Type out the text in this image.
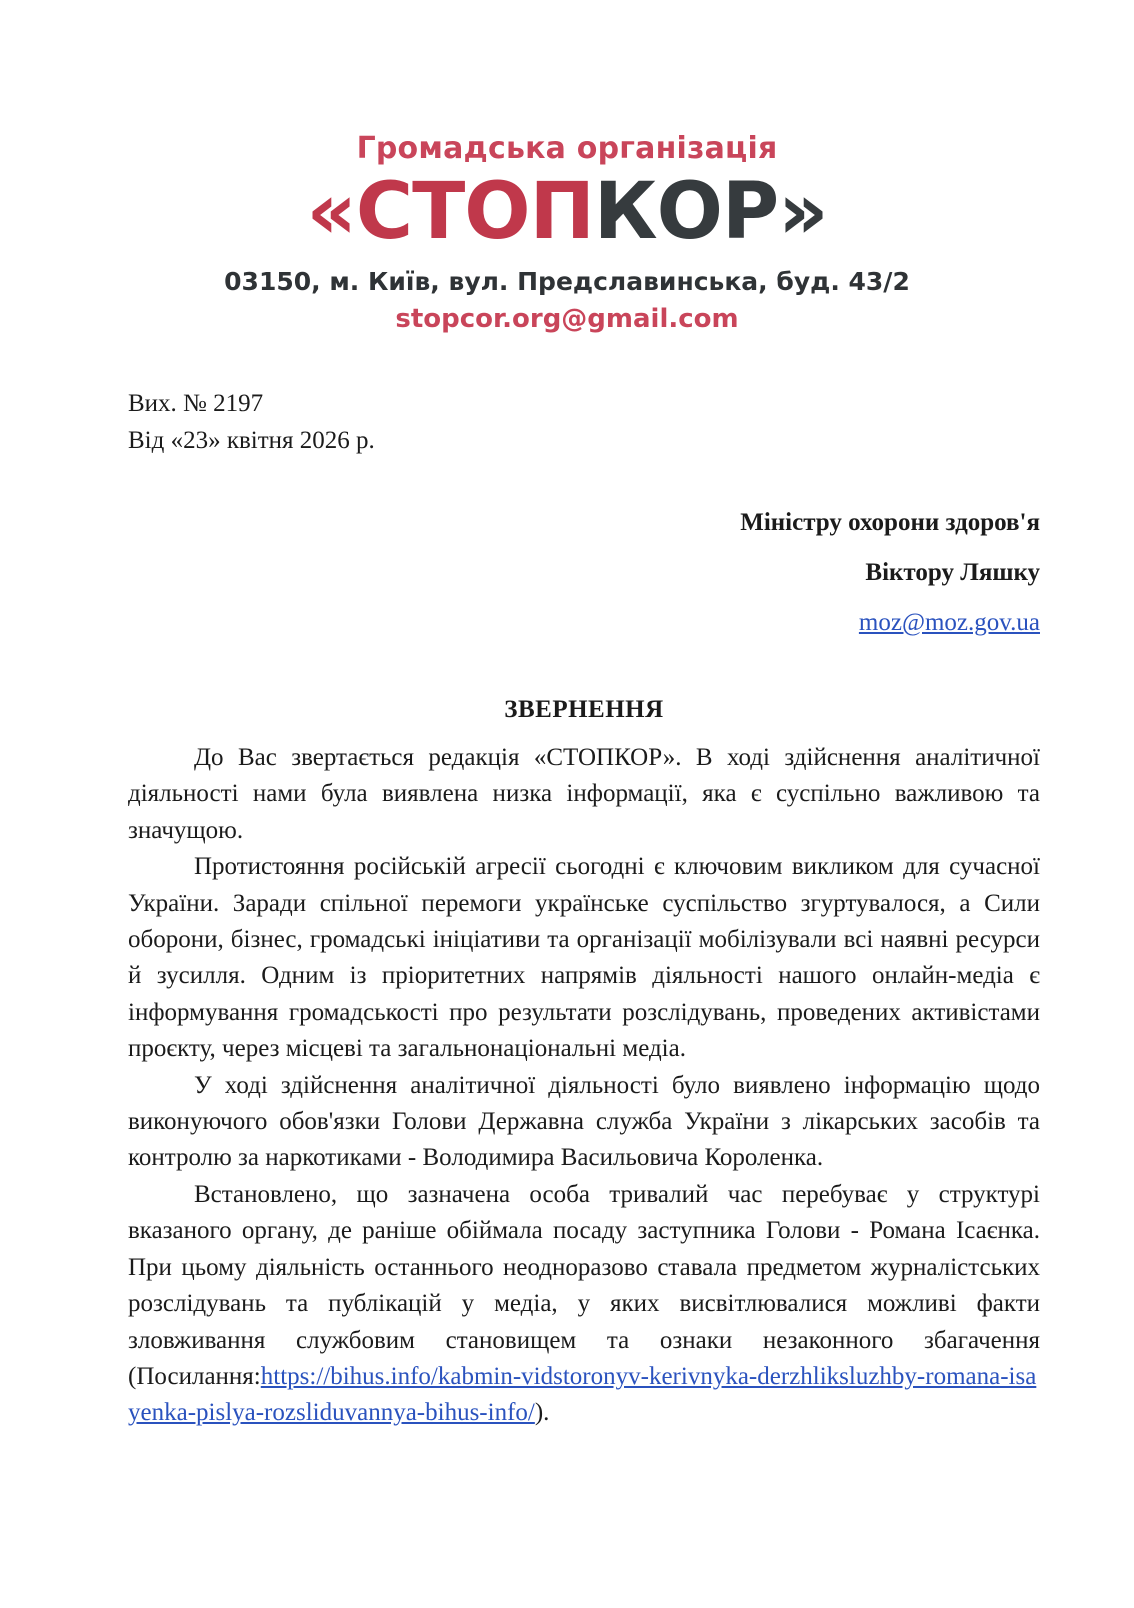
Громадська організація
«СТОПКОР»
03150, м. Київ, вул. Предславинська, буд. 43/2
stopcor.org@gmail.com
Вих. № 2197
Від «23» квітня 2026 р.
Міністру охорони здоров'я
Віктору Ляшку
moz@moz.gov.ua
ЗВЕРНЕННЯ

До Вас звертається редакція «СТОПКОР». В ході здійснення аналітичної діяльності нами була виявлена низка інформації, яка є суспільно важливою та значущою.

Протистояння російській агресії сьогодні є ключовим викликом для сучасної України. Заради спільної перемоги українське суспільство згуртувалося, а Сили оборони, бізнес, громадські ініціативи та організації мобілізували всі наявні ресурси й зусилля. Одним із пріоритетних напрямів діяльності нашого онлайн-медіа є інформування громадськості про результати розслідувань, проведених активістами проєкту, через місцеві та загальнонаціональні медіа.

У ході здійснення аналітичної діяльності було виявлено інформацію щодо виконуючого обов'язки Голови Державна служба України з лікарських засобів та контролю за наркотиками - Володимира Васильовича Короленка.

Встановлено, що зазначена особа тривалий час перебуває у структурі вказаного органу, де раніше обіймала посаду заступника Голови - Романа Ісаєнка. При цьому діяльність останнього неодноразово ставала предметом журналістських розслідувань та публікацій у медіа, у яких висвітлювалися можливі факти зловживання службовим становищем та ознаки незаконного збагачення (Посилання:https://bihus.info/kabmin-vidstoronyv-kerivnyka-derzhliksluzhby-romana-isayenka-pislya-rozsliduvannya-bihus-info/).
